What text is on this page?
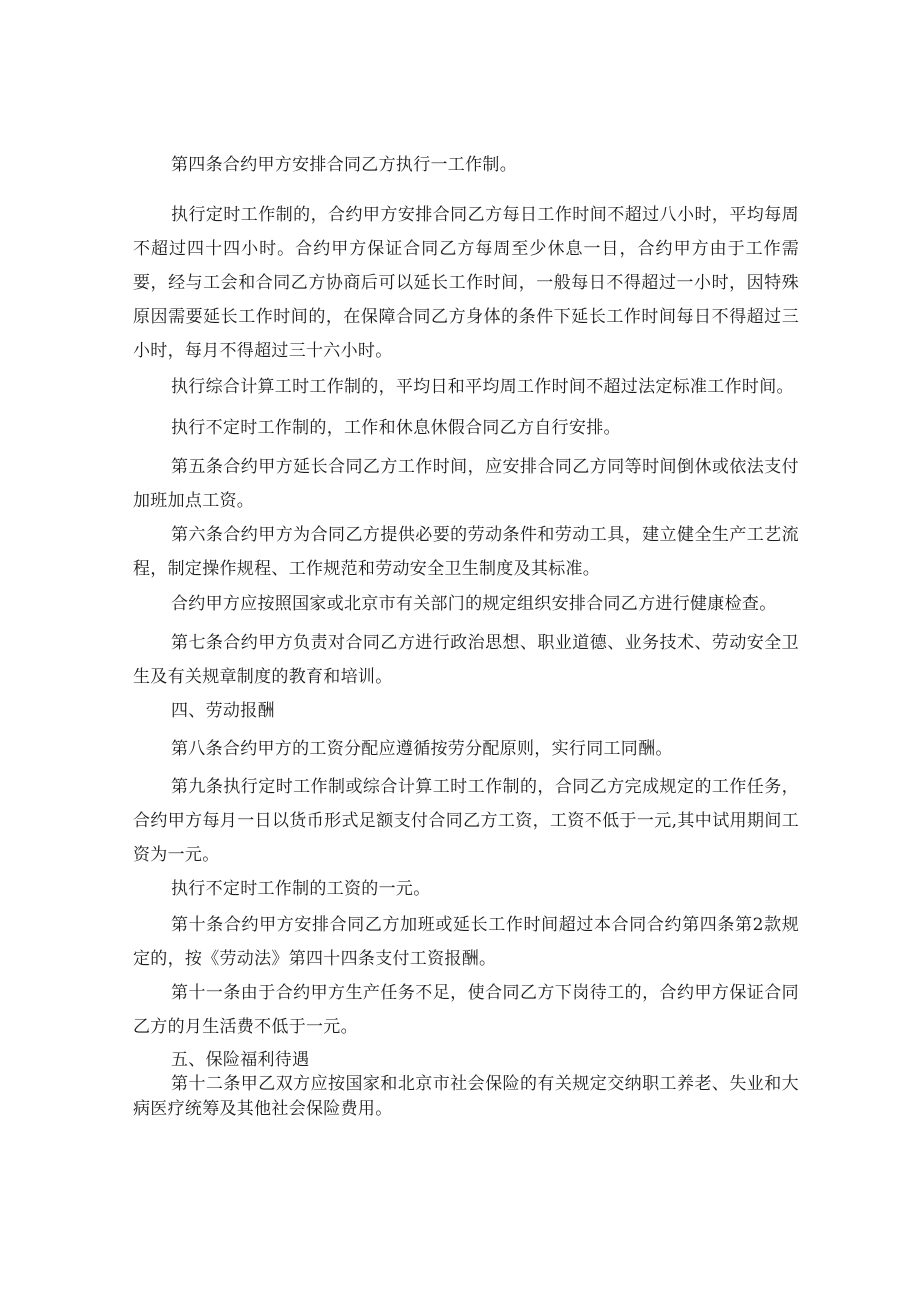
第四条合约甲方安排合同乙方执行一工作制。

执行定时工作制的，合约甲方安排合同乙方每日工作时间不超过八小时，平均每周不超过四十四小时。合约甲方保证合同乙方每周至少休息一日，合约甲方由于工作需要，经与工会和合同乙方协商后可以延长工作时间，一般每日不得超过一小时，因特殊原因需要延长工作时间的，在保障合同乙方身体的条件下延长工作时间每日不得超过三小时，每月不得超过三十六小时。

执行综合计算工时工作制的，平均日和平均周工作时间不超过法定标准工作时间。

执行不定时工作制的，工作和休息休假合同乙方自行安排。

第五条合约甲方延长合同乙方工作时间，应安排合同乙方同等时间倒休或依法支付加班加点工资。

第六条合约甲方为合同乙方提供必要的劳动条件和劳动工具，建立健全生产工艺流程，制定操作规程、工作规范和劳动安全卫生制度及其标准。

合约甲方应按照国家或北京市有关部门的规定组织安排合同乙方进行健康检查。

第七条合约甲方负责对合同乙方进行政治思想、职业道德、业务技术、劳动安全卫生及有关规章制度的教育和培训。

四、劳动报酬

第八条合约甲方的工资分配应遵循按劳分配原则，实行同工同酬。

第九条执行定时工作制或综合计算工时工作制的，合同乙方完成规定的工作任务，合约甲方每月一日以货币形式足额支付合同乙方工资，工资不低于一元,其中试用期间工资为一元。

执行不定时工作制的工资的一元。

第十条合约甲方安排合同乙方加班或延长工作时间超过本合同合约第四条第2款规定的，按《劳动法》第四十四条支付工资报酬。

第十一条由于合约甲方生产任务不足，使合同乙方下岗待工的，合约甲方保证合同乙方的月生活费不低于一元。

五、保险福利待遇

第十二条甲乙双方应按国家和北京市社会保险的有关规定交纳职工养老、失业和大病医疗统筹及其他社会保险费用。
